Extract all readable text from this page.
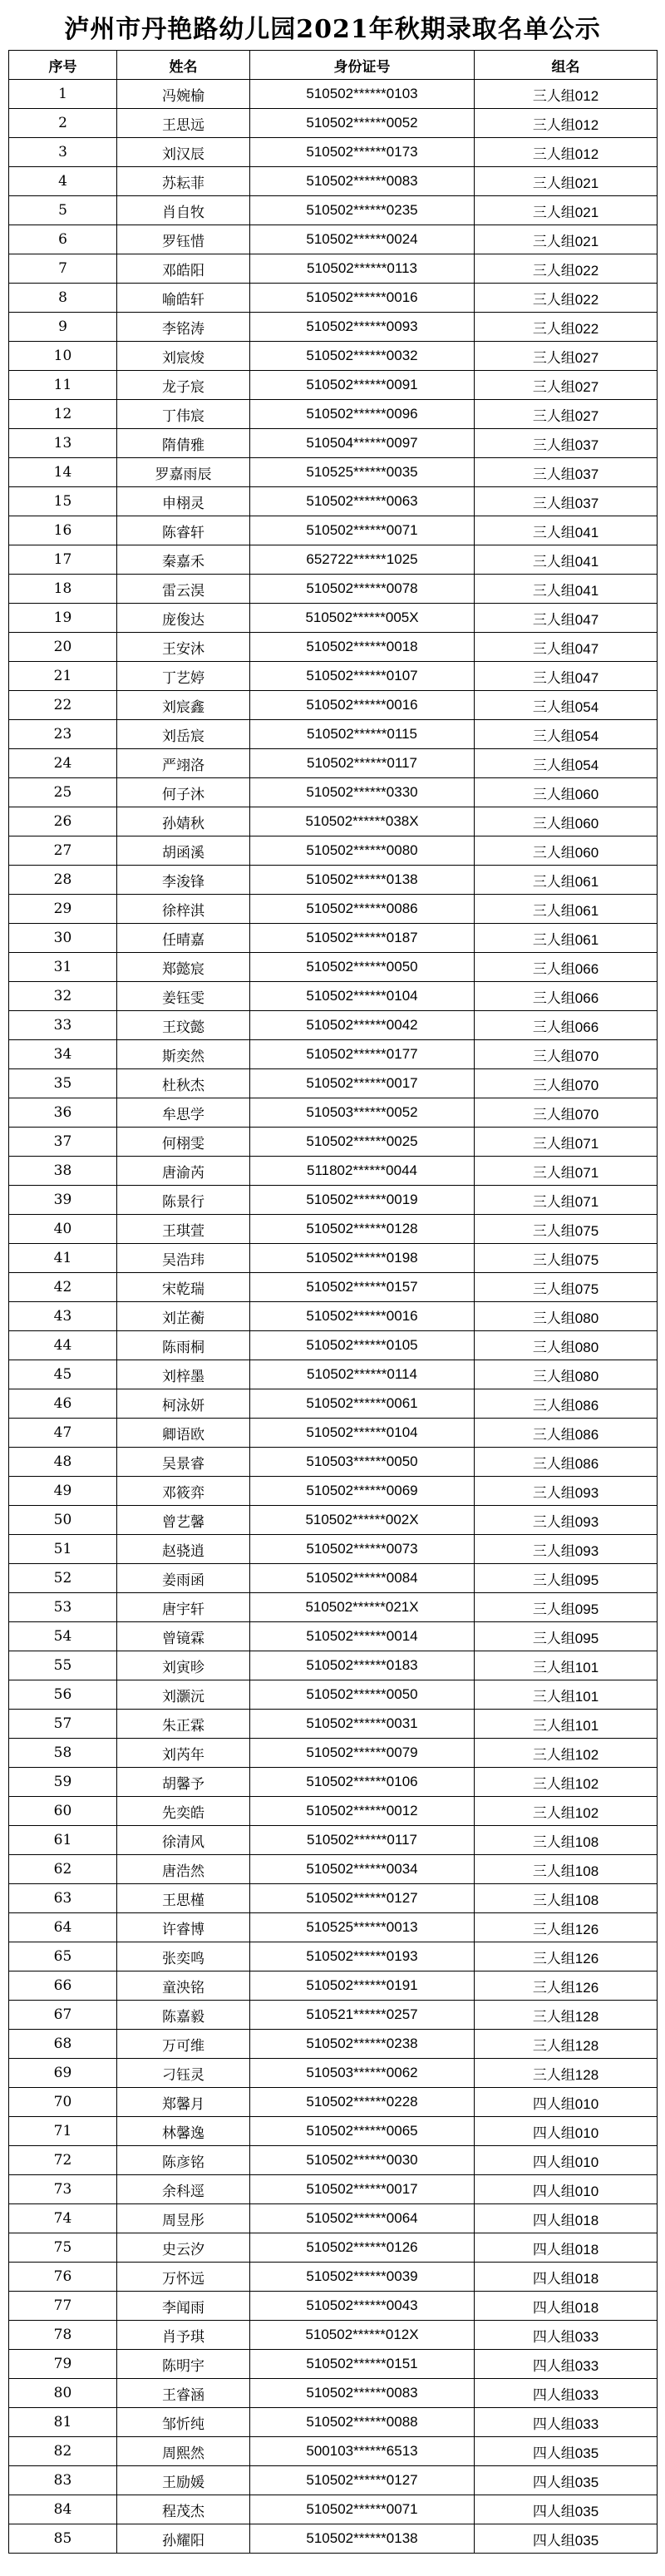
泸州市丹艳路幼儿园2021年秋期录取名单公示
序号	姓名	身份证号	组名
1	冯婉榆	510502******0103	三人组012
2	王思远	510502******0052	三人组012
3	刘汉辰	510502******0173	三人组012
4	苏耘菲	510502******0083	三人组021
5	肖自牧	510502******0235	三人组021
6	罗钰惜	510502******0024	三人组021
7	邓皓阳	510502******0113	三人组022
8	喻皓轩	510502******0016	三人组022
9	李铭涛	510502******0093	三人组022
10	刘宸焌	510502******0032	三人组027
11	龙子宸	510502******0091	三人组027
12	丁伟宸	510502******0096	三人组027
13	隋倩雅	510504******0097	三人组037
14	罗嘉雨辰	510525******0035	三人组037
15	申栩灵	510502******0063	三人组037
16	陈睿轩	510502******0071	三人组041
17	秦嘉禾	652722******1025	三人组041
18	雷云淏	510502******0078	三人组041
19	庞俊达	510502******005X	三人组047
20	王安沐	510502******0018	三人组047
21	丁艺婷	510502******0107	三人组047
22	刘宸鑫	510502******0016	三人组054
23	刘岳宸	510502******0115	三人组054
24	严翊洛	510502******0117	三人组054
25	何子沐	510502******0330	三人组060
26	孙婧秋	510502******038X	三人组060
27	胡函溪	510502******0080	三人组060
28	李浚锋	510502******0138	三人组061
29	徐梓淇	510502******0086	三人组061
30	任晴嘉	510502******0187	三人组061
31	郑懿宸	510502******0050	三人组066
32	姜钰雯	510502******0104	三人组066
33	王玟懿	510502******0042	三人组066
34	斯奕然	510502******0177	三人组070
35	杜秋杰	510502******0017	三人组070
36	牟思学	510503******0052	三人组070
37	何栩雯	510502******0025	三人组071
38	唐渝芮	511802******0044	三人组071
39	陈景行	510502******0019	三人组071
40	王琪萱	510502******0128	三人组075
41	吴浩玮	510502******0198	三人组075
42	宋乾瑞	510502******0157	三人组075
43	刘芷蘅	510502******0016	三人组080
44	陈雨桐	510502******0105	三人组080
45	刘梓墨	510502******0114	三人组080
46	柯泳妍	510502******0061	三人组086
47	卿语欧	510502******0104	三人组086
48	吴景睿	510503******0050	三人组086
49	邓筱弈	510502******0069	三人组093
50	曾艺馨	510502******002X	三人组093
51	赵骁逍	510502******0073	三人组093
52	姜雨函	510502******0084	三人组095
53	唐宇轩	510502******021X	三人组095
54	曾镜霖	510502******0014	三人组095
55	刘寅昣	510502******0183	三人组101
56	刘灏沅	510502******0050	三人组101
57	朱正霖	510502******0031	三人组101
58	刘芮年	510502******0079	三人组102
59	胡馨予	510502******0106	三人组102
60	先奕皓	510502******0012	三人组102
61	徐清风	510502******0117	三人组108
62	唐浩然	510502******0034	三人组108
63	王思槿	510502******0127	三人组108
64	许睿博	510525******0013	三人组126
65	张奕鸣	510502******0193	三人组126
66	童泱铭	510502******0191	三人组126
67	陈嘉毅	510521******0257	三人组128
68	万可维	510502******0238	三人组128
69	刁钰灵	510503******0062	三人组128
70	郑馨月	510502******0228	四人组010
71	林馨逸	510502******0065	四人组010
72	陈彦铭	510502******0030	四人组010
73	余科逕	510502******0017	四人组010
74	周昱彤	510502******0064	四人组018
75	史云汐	510502******0126	四人组018
76	万怀远	510502******0039	四人组018
77	李闻雨	510502******0043	四人组018
78	肖予琪	510502******012X	四人组033
79	陈明宇	510502******0151	四人组033
80	王睿涵	510502******0083	四人组033
81	邹忻纯	510502******0088	四人组033
82	周熙然	500103******6513	四人组035
83	王励媛	510502******0127	四人组035
84	程茂杰	510502******0071	四人组035
85	孙耀阳	510502******0138	四人组035
